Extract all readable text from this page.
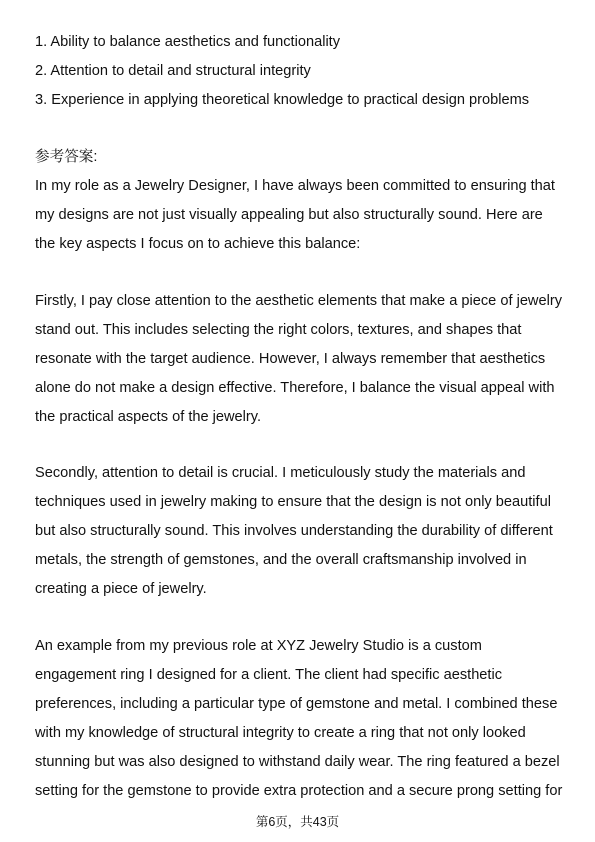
1. Ability to balance aesthetics and functionality

2. Attention to detail and structural integrity

3. Experience in applying theoretical knowledge to practical design problems

参考答案:

In my role as a Jewelry Designer, I have always been committed to ensuring that

my designs are not just visually appealing but also structurally sound. Here are

the key aspects I focus on to achieve this balance:

Firstly, I pay close attention to the aesthetic elements that make a piece of jewelry

stand out. This includes selecting the right colors, textures, and shapes that

resonate with the target audience. However, I always remember that aesthetics

alone do not make a design effective. Therefore, I balance the visual appeal with

the practical aspects of the jewelry.

Secondly, attention to detail is crucial. I meticulously study the materials and

techniques used in jewelry making to ensure that the design is not only beautiful

but also structurally sound. This involves understanding the durability of different

metals, the strength of gemstones, and the overall craftsmanship involved in

creating a piece of jewelry.

An example from my previous role at XYZ Jewelry Studio is a custom

engagement ring I designed for a client. The client had specific aesthetic

preferences, including a particular type of gemstone and metal. I combined these

with my knowledge of structural integrity to create a ring that not only looked

stunning but was also designed to withstand daily wear. The ring featured a bezel

setting for the gemstone to provide extra protection and a secure prong setting for

第6页，共43页
